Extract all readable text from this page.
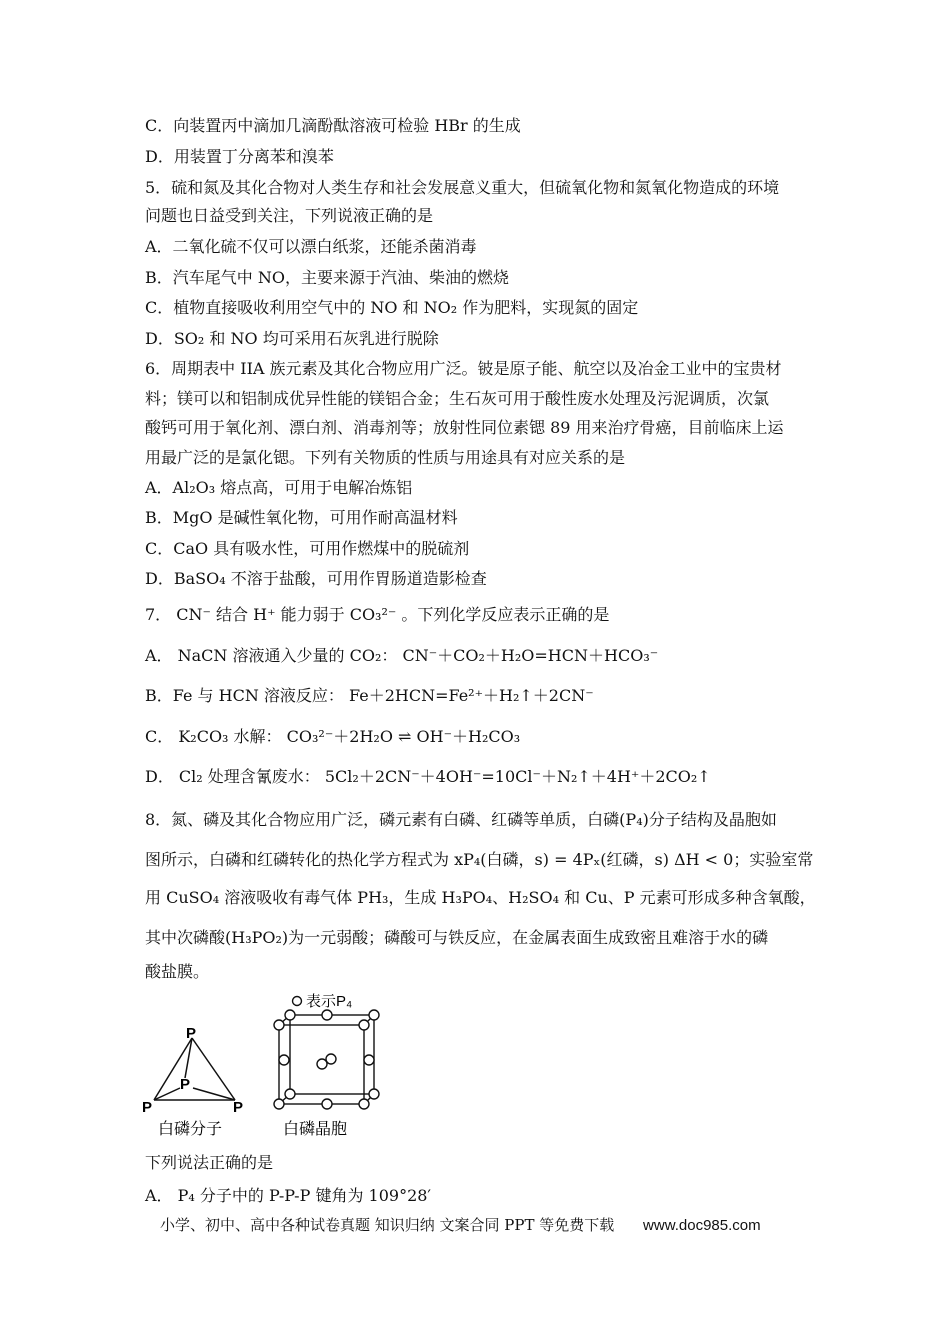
C．向装置丙中滴加几滴酚酞溶液可检验 HBr 的生成
D．用装置丁分离苯和溴苯
5．硫和氮及其化合物对人类生存和社会发展意义重大，但硫氧化物和氮氧化物造成的环境
问题也日益受到关注，下列说液正确的是
A．二氧化硫不仅可以漂白纸浆，还能杀菌消毒
B．汽车尾气中 NO，主要来源于汽油、柴油的燃烧
C．植物直接吸收利用空气中的 NO 和 NO₂ 作为肥料，实现氮的固定
D．SO₂ 和 NO 均可采用石灰乳进行脱除
6．周期表中 IIA 族元素及其化合物应用广泛。铍是原子能、航空以及冶金工业中的宝贵材
料；镁可以和铝制成优异性能的镁铝合金；生石灰可用于酸性废水处理及污泥调质，次氯
酸钙可用于氧化剂、漂白剂、消毒剂等；放射性同位素锶 89 用来治疗骨癌，目前临床上运
用最广泛的是氯化锶。下列有关物质的性质与用途具有对应关系的是
A．Al₂O₃ 熔点高，可用于电解冶炼铝
B．MgO 是碱性氧化物，可用作耐高温材料
C．CaO 具有吸水性，可用作燃煤中的脱硫剂
D．BaSO₄ 不溶于盐酸，可用作胃肠道造影检查
7． CN⁻ 结合 H⁺ 能力弱于 CO₃²⁻ 。下列化学反应表示正确的是
A． NaCN 溶液通入少量的 CO₂： CN⁻＋CO₂＋H₂O=HCN＋HCO₃⁻
B．Fe 与 HCN 溶液反应： Fe＋2HCN=Fe²⁺＋H₂↑＋2CN⁻
C． K₂CO₃ 水解： CO₃²⁻＋2H₂O ⇌ OH⁻＋H₂CO₃
D． Cl₂ 处理含氰废水： 5Cl₂＋2CN⁻＋4OH⁻=10Cl⁻＋N₂↑＋4H⁺＋2CO₂↑
8．氮、磷及其化合物应用广泛，磷元素有白磷、红磷等单质，白磷(P₄)分子结构及晶胞如
图所示，白磷和红磷转化的热化学方程式为 xP₄(白磷，s) = 4Pₓ(红磷，s) ΔH < 0；实验室常
用 CuSO₄ 溶液吸收有毒气体 PH₃，生成 H₃PO₄、H₂SO₄ 和 Cu、P 元素可形成多种含氧酸，
其中次磷酸(H₃PO₂)为一元弱酸；磷酸可与铁反应，在金属表面生成致密且难溶于水的磷
酸盐膜。
P
P
P	P
白磷分子
表示P₄
白磷晶胞
下列说法正确的是
A． P₄ 分子中的 P-P-P 键角为 109°28′
小学、初中、高中各种试卷真题 知识归纳 文案合同 PPT 等免费下载 www.doc985.com
